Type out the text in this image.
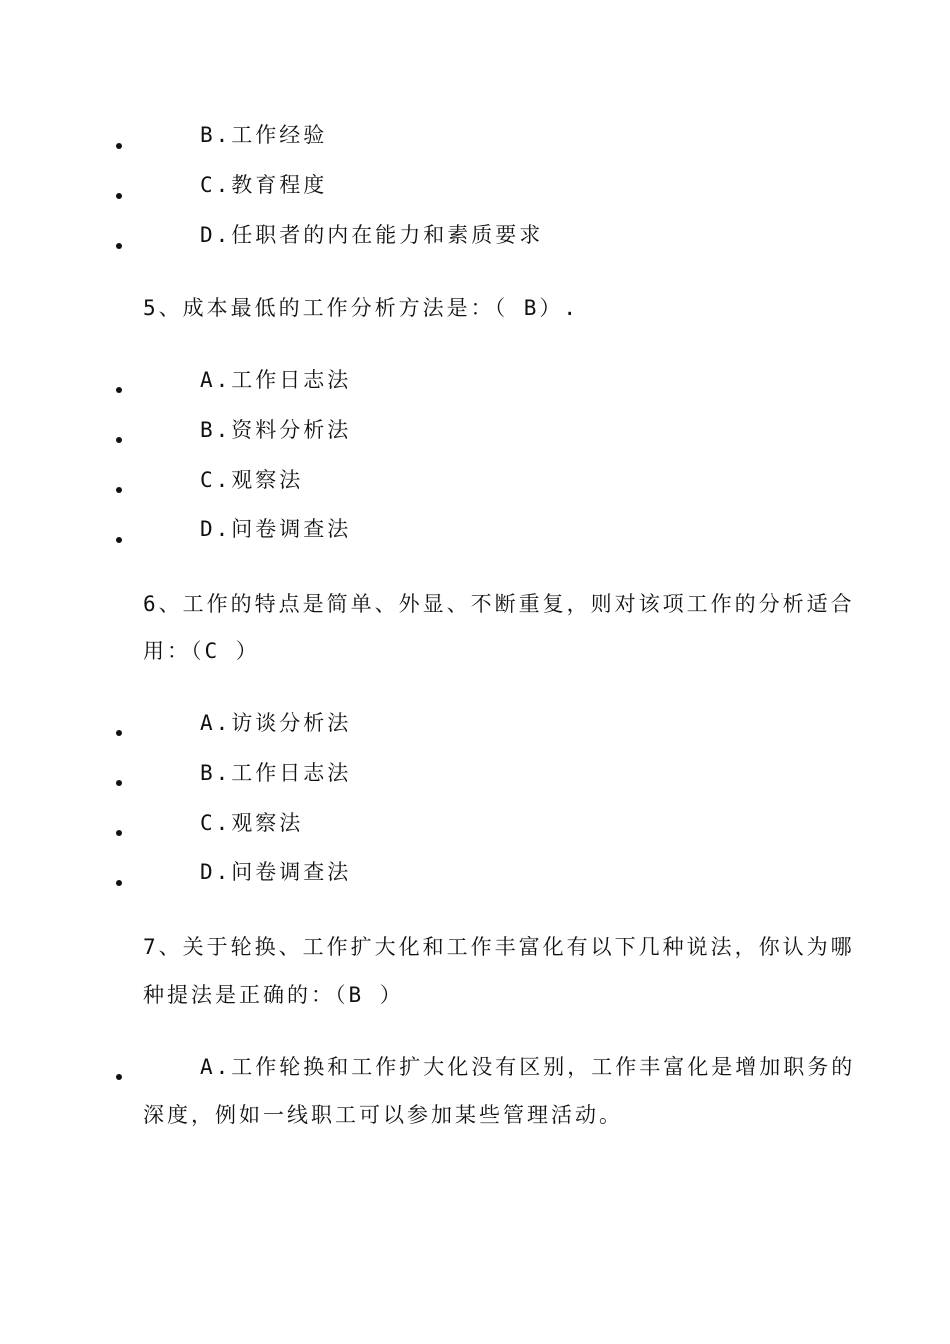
B.工作经验
C.教育程度
D.任职者的内在能力和素质要求
5、成本最低的工作分析方法是：（ B）.
A.工作日志法
B.资料分析法
C.观察法
D.问卷调查法
6、工作的特点是简单、外显、不断重复，则对该项工作的分析适合
用：（C ）
A.访谈分析法
B.工作日志法
C.观察法
D.问卷调查法
7、关于轮换、工作扩大化和工作丰富化有以下几种说法，你认为哪
种提法是正确的：（B ）
A.工作轮换和工作扩大化没有区别，工作丰富化是增加职务的
深度，例如一线职工可以参加某些管理活动。
